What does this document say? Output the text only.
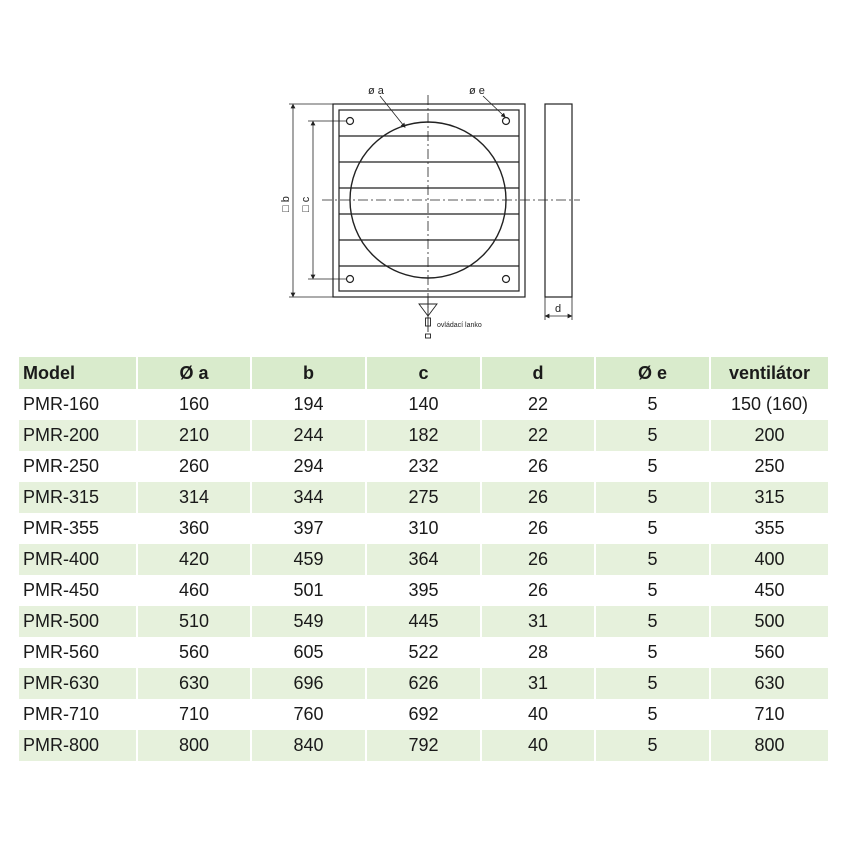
□ b □ c
ø a	ø e
ovládací lanko
d
Model	Ø a	b	c	d	Ø e	ventilátor
PMR-160	160	194	140	22	5	150 (160)
PMR-200	210	244	182	22	5	200
PMR-250	260	294	232	26	5	250
PMR-315	314	344	275	26	5	315
PMR-355	360	397	310	26	5	355
PMR-400	420	459	364	26	5	400
PMR-450	460	501	395	26	5	450
PMR-500	510	549	445	31	5	500
PMR-560	560	605	522	28	5	560
PMR-630	630	696	626	31	5	630
PMR-710	710	760	692	40	5	710
PMR-800	800	840	792	40	5	800
